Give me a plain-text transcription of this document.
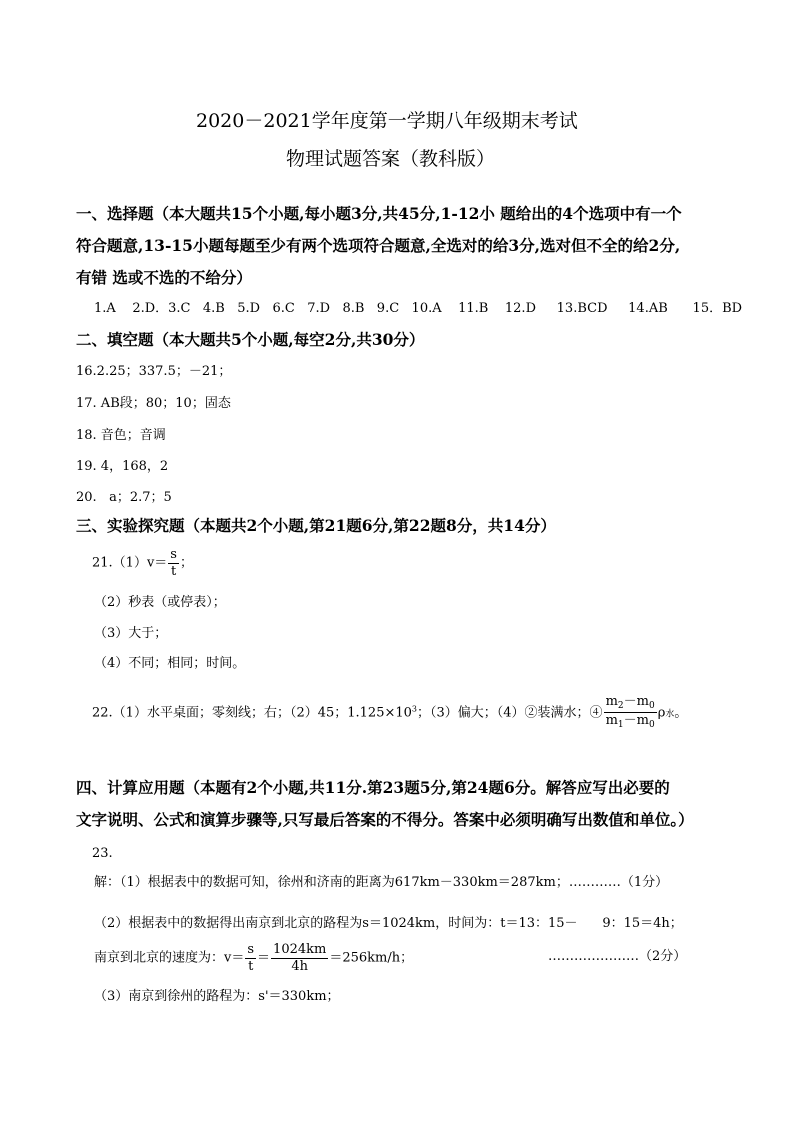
2020－2021学年度第一学期八年级期末考试
物理试题答案（教科版）
一、选择题（本大题共15个小题,每小题3分,共45分,1-12小 题给出的4个选项中有一个
符合题意,13-15小题每题至少有两个选项符合题意,全选对的给3分,选对但不全的给2分,
有错 选或不选的不给分）
1.A    2.D．3.C   4.B   5.D   6.C   7.D   8.B   9.C   10.A    11.B    12.D     13.BCD     14.AB      15．BD
二、填空题（本大题共5个小题,每空2分,共30分）
16.2.25；337.5；－21；
17. AB段；80；10；固态
18. 音色；音调
19. 4，168，2
20.   a；2.7；5
三、实验探究题（本题共2个小题,第21题6分,第22题8分，共14分）
$21.(1)v= \frac{s}{t}$ ；
（2）秒表（或停表）；
（3）大于；
（4）不同；相同；时间。
22.（1）水平桌面；零刻线；右；（2）45；$1.125\times 10^3$；（3）偏大；（4）②装满水；④ $\frac{m_2-m_0}{m_1-m_0}$ ρ水。
四、计算应用题（本题有2个小题,共11分.第23题5分,第24题6分。解答应写出必要的
文字说明、公式和演算步骤等,只写最后答案的不得分。答案中必须明确写出数值和单位。）
23.
解：（1）根据表中的数据可知，徐州和济南的距离为617km－330km＝287km；…………（1分）
（2）根据表中的数据得出南京到北京的路程为s＝1024km，时间为：t＝13：15－      9：15＝4h；
南京到北京的速度为：$v= \frac{s}{t} = \frac{1024km}{4h} =256km/h$；	…………………（2分）
（3）南京到徐州的路程为：s'＝330km；
